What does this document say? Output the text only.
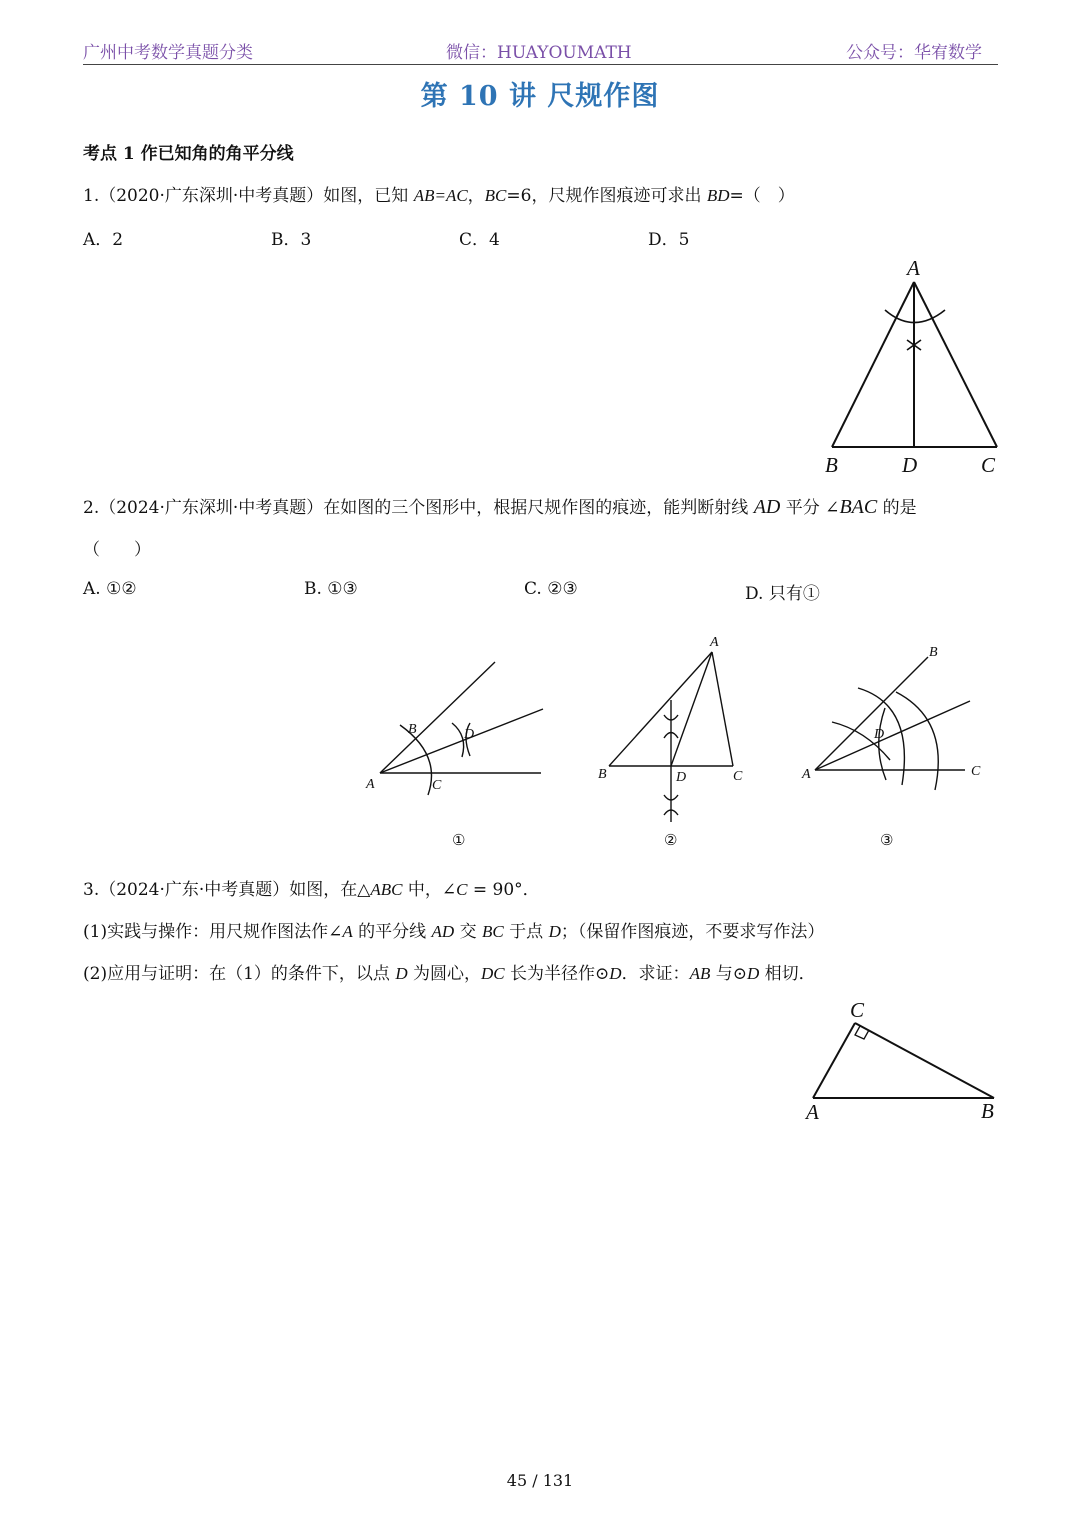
广州中考数学真题分类	微信：HUAYOUMATH	公众号：华宥数学
第 10 讲 尺规作图
考点 1 作已知角的角平分线
1.（2020·广东深圳·中考真题）如图，已知 AB=AC，BC=6，尺规作图痕迹可求出 BD=（　）
A．2	B．3	C．4	D．5
A
B	D	C
2.（2024·广东深圳·中考真题）在如图的三个图形中，根据尺规作图的痕迹，能判断射线 AD 平分 ∠BAC 的是
（　　）
A. ①②	B. ①③	C. ②③	D. 只有①
B	D
A	C
A
B	D	C
B
D
A	C
①	②	③
3.（2024·广东·中考真题）如图，在△ABC 中，∠C = 90°．
(1)实践与操作：用尺规作图法作∠A 的平分线 AD 交 BC 于点 D；（保留作图痕迹，不要求写作法）
(2)应用与证明：在（1）的条件下，以点 D 为圆心，DC 长为半径作⊙D．求证：AB 与⊙D 相切．
C
A	B
45 / 131
